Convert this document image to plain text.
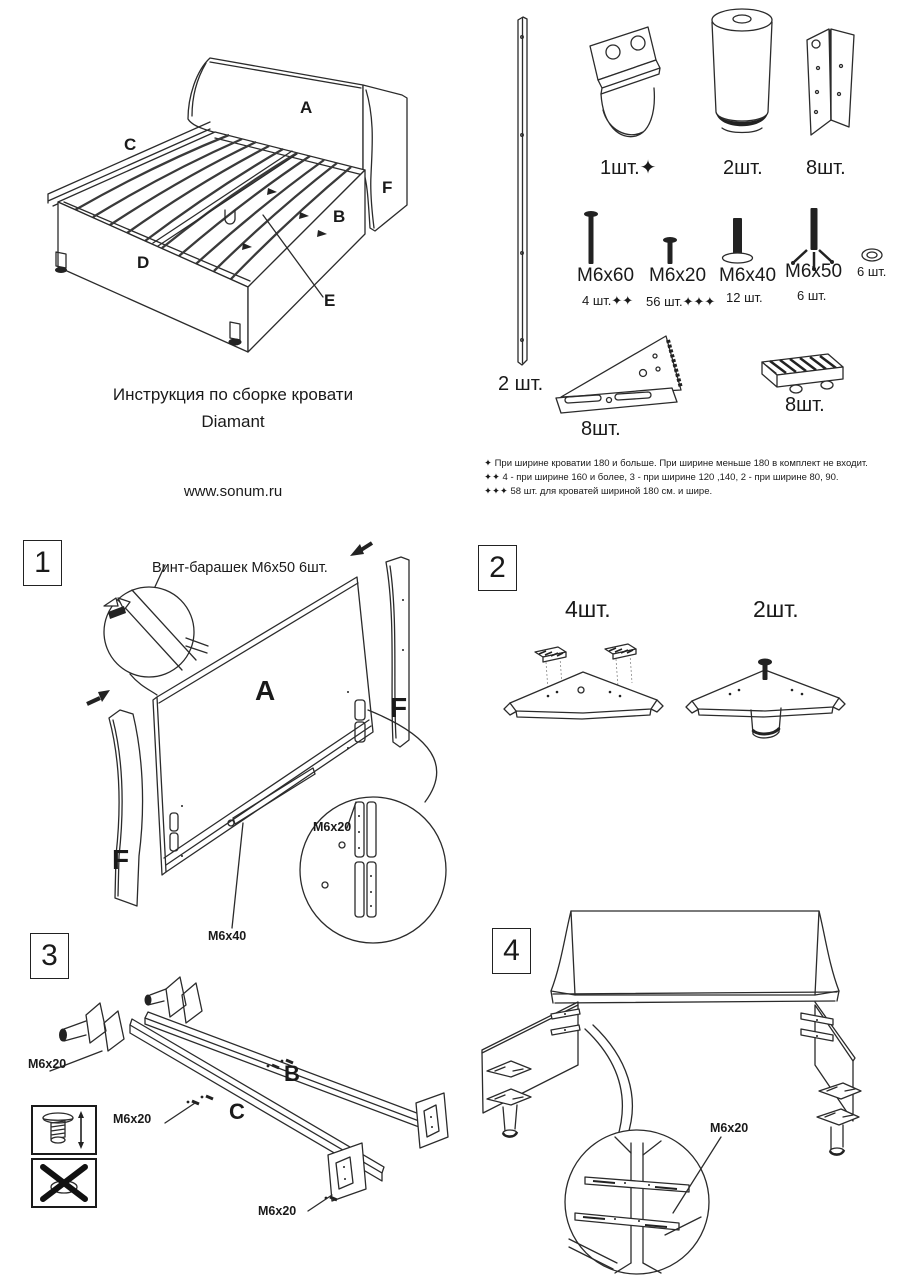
A
C
F
B
D
E
Инструкция по сборке кровати
Diamant
www.sonum.ru
1шт.✦	2шт. 8шт.
M6x60 M6x20 M6x40 M6x50
4 шт.✦✦ 56 шт.✦✦✦ 12 шт.	6 шт.
6 шт.
2 шт.
8шт.
8шт.
✦ При ширине кроватии 180 и больше. При ширине меньше 180 в комплект не входит.
✦✦ 4 - при ширине 160 и более, 3 - при ширине 120 ,140, 2 - при ширине 80, 90.
✦✦✦ 58 шт. для кроватей шириной 180 см. и шире.
1	Винт-барашек М6х50 6шт.
A
F
F
M6x20
M6x40
2
4шт.	2шт.
3
B
C
M6x20
M6x20
M6x20
4
M6x20
